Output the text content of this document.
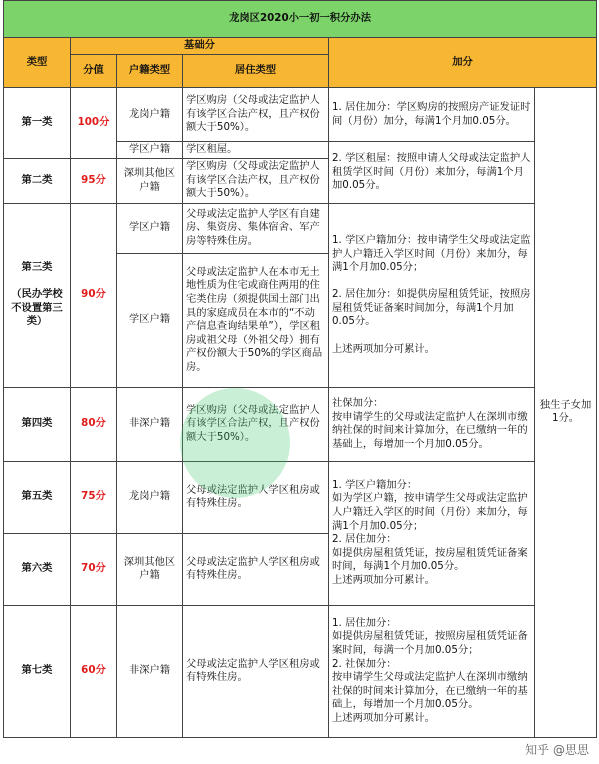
龙岗区2020小一初一积分办法					
类型	基础分			加分	
	分值	户籍类型	居住类型		
第一类	100分	龙岗户籍	学区购房（父母或法定监护人有该学区合法产权，且产权份额大于50%）。	1. 居住加分：学区购房的按照房产证发证时间（月份）加分，每满1个月加0.05分。	独生子女加1分。
		学区户籍	学区租屋。	2. 学区租屋：按照申请人父母或法定监护人租赁学区时间（月份）来加分，每满1个月加0.05分。	
第二类	95分	深圳其他区户籍	学区购房（父母或法定监护人有该学区合法产权，且产权份额大于50%）。		
第三类

（民办学校不设置第三类）	90分	学区户籍	父母或法定监护人学区有自建房、集资房、集体宿舍、军产房等特殊住房。	1. 学区户籍加分：按申请学生父母或法定监护人户籍迁入学区时间（月份）来加分，每满1个月加0.05分；

2. 居住加分：如提供房屋租赁凭证，按照房屋租赁凭证备案时间加分，每满1个月加0.05分。

上述两项加分可累计。	
		学区户籍	父母或法定监护人在本市无土地性质为住宅或商住两用的住宅类住房（须提供国土部门出具的家庭成员在本市的“不动产信息查询结果单”），学区租房或祖父母（外祖父母）拥有产权份额大于50%的学区商品房。		
第四类	80分	非深户籍	学区购房（父母或法定监护人有该学区合法产权，且产权份额大于50%）。	社保加分：
按申请学生的父母或法定监护人在深圳市缴纳社保的时间来计算加分，在已缴纳一年的基础上，每增加一个月加0.05分。	
第五类	75分	龙岗户籍	父母或法定监护人学区租房或有特殊住房。	1. 学区户籍加分：
如为学区户籍，按申请学生父母或法定监护人户籍迁入学区的时间（月份）来加分，每满1个月加0.05分；
2. 居住加分：
如提供房屋租赁凭证，按房屋租赁凭证备案时间，每满1个月加0.05分。
上述两项加分可累计。	
第六类	70分	深圳其他区户籍	父母或法定监护人学区租房或有特殊住房。		
第七类	60分	非深户籍	父母或法定监护人学区租房或有特殊住房。	1. 居住加分：
如提供房屋租赁凭证，按照房屋租赁凭证备案时间，每满一个月加0.05分；
2. 社保加分：
按申请学生父母或法定监护人在深圳市缴纳社保的时间来计算加分，在已缴纳一年的基础上，每增加一个月加0.05分。
上述两项加分可累计。	
知乎 @思思
